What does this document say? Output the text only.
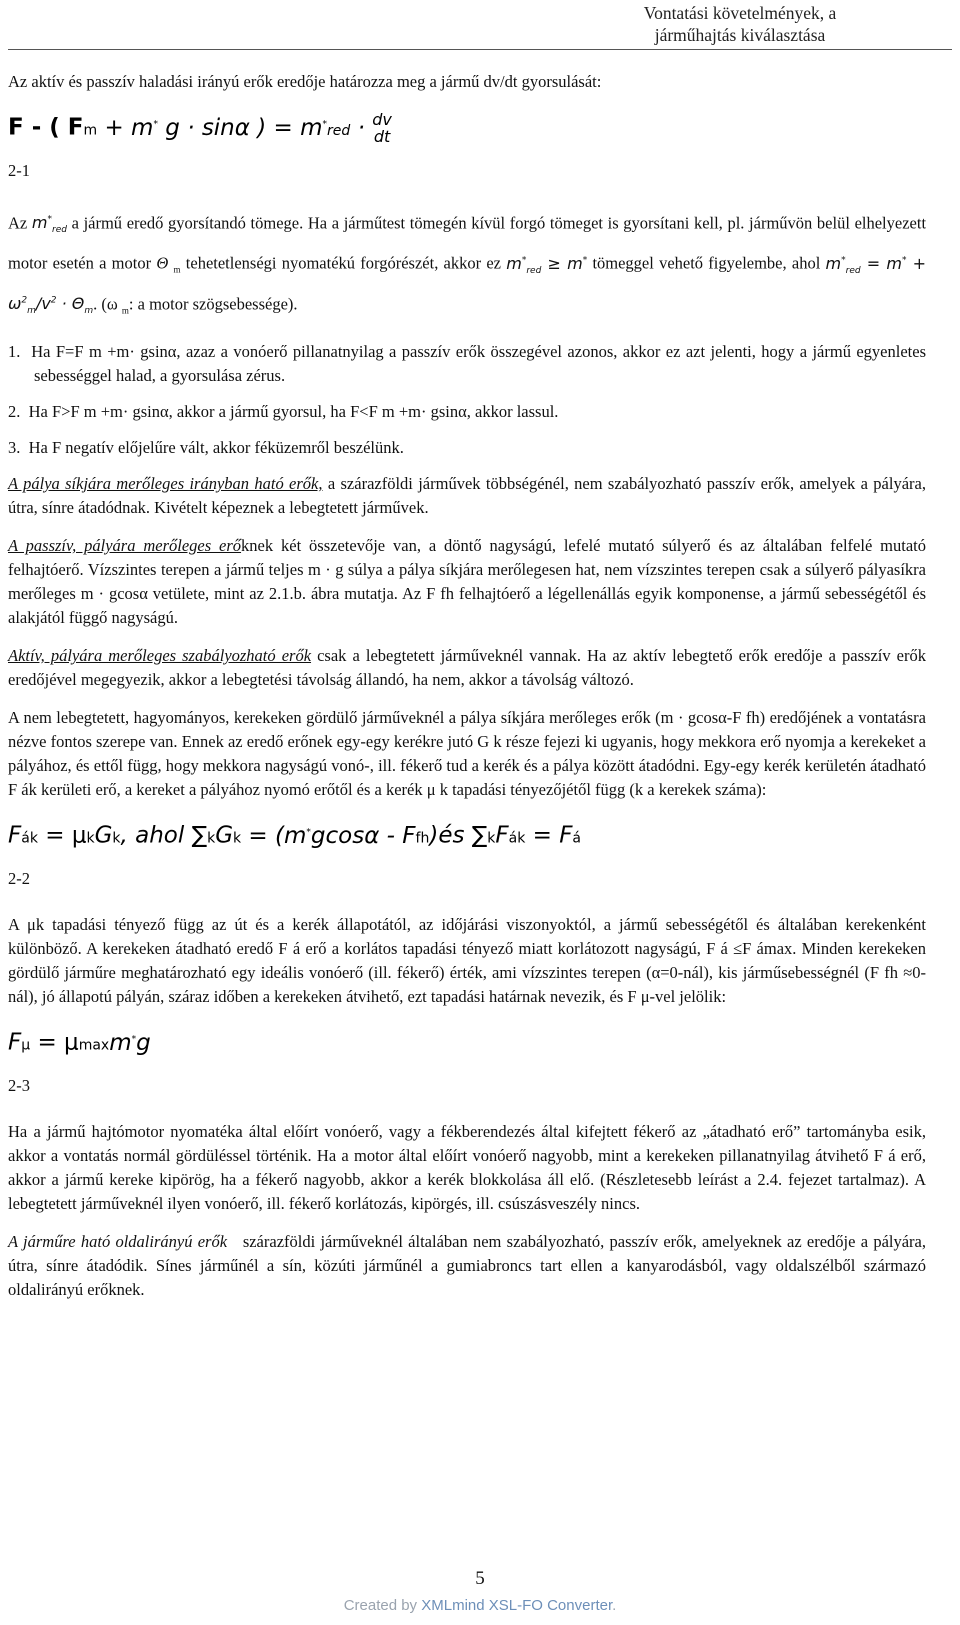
Vontatási követelmények, a
járműhajtás kiválasztása

Az aktív és passzív haladási irányú erők eredője határozza meg a jármű dv/dt gyorsulását:

F - ( Fm + m* g · sinα ) = m*red · dv
dt

2-1

Az $m^*_{red}$ a jármű eredő gyorsítandó tömege. Ha a járműtest tömegén kívül forgó tömeget is gyorsítani kell, pl. járművön belül elhelyezett motor esetén a motor Θ $_m$ tehetetlenségi nyomatékú forgórészét, akkor ez $m^*_{red} \ge m^*$ tömeggel vehető figyelembe, ahol $m^*_{red} = m^* + \omega^2_m/v^2 \cdot \Theta_m$. (ω $_m$: a motor szögsebessége).

1. Ha F=F m +m· gsinα, azaz a vonóerő pillanatnyilag a passzív erők összegével azonos, akkor ez azt jelenti, hogy a jármű egyenletes sebességgel halad, a gyorsulása zérus.

2. Ha F>F m +m· gsinα, akkor a jármű gyorsul, ha F<F m +m· gsinα, akkor lassul.

3. Ha F negatív előjelűre vált, akkor féküzemről beszélünk.

A pálya síkjára merőleges irányban ható erők, a szárazföldi járművek többségénél, nem szabályozható passzív erők, amelyek a pályára, útra, sínre átadódnak. Kivételt képeznek a lebegtetett járművek.

A passzív, pályára merőleges erőknek két összetevője van, a döntő nagyságú, lefelé mutató súlyerő és az általában felfelé mutató felhajtóerő. Vízszintes terepen a jármű teljes m · g súlya a pálya síkjára merőlegesen hat, nem vízszintes terepen csak a súlyerő pályasíkra merőleges m · gcosα vetülete, mint az 2.1.b. ábra mutatja. Az F fh felhajtóerő a légellenállás egyik komponense, a jármű sebességétől és alakjától függő nagyságú.

Aktív, pályára merőleges szabályozható erők csak a lebegtetett járműveknél vannak. Ha az aktív lebegtető erők eredője a passzív erők eredőjével megegyezik, akkor a lebegtetési távolság állandó, ha nem, akkor a távolság változó.

A nem lebegtetett, hagyományos, kerekeken gördülő járműveknél a pálya síkjára merőleges erők (m · gcosα-F fh) eredőjének a vontatásra nézve fontos szerepe van. Ennek az eredő erőnek egy-egy kerékre jutó G k része fejezi ki ugyanis, hogy mekkora erő nyomja a kerekeket a pályához, és ettől függ, hogy mekkora nagyságú vonó-, ill. fékerő tud a kerék és a pálya között átadódni. Egy-egy kerék kerületén átadható F ák kerületi erő, a kereket a pályához nyomó erőtől és a kerék μ k tapadási tényezőjétől függ (k a kerekek száma):

Fák = μkGk, ahol ∑kGk = (m*gcosα - Ffh)és ∑kFák = Fá

2-2

A μk tapadási tényező függ az út és a kerék állapotától, az időjárási viszonyoktól, a jármű sebességétől és általában kerekenként különböző. A kerekeken átadható eredő F á erő a korlátos tapadási tényező miatt korlátozott nagyságú, F á ≤F ámax. Minden kerekeken gördülő járműre meghatározható egy ideális vonóerő (ill. fékerő) érték, ami vízszintes terepen (α=0-nál), kis járműsebességnél (F fh ≈0-nál), jó állapotú pályán, száraz időben a kerekeken átvihető, ezt tapadási határnak nevezik, és F μ-vel jelölik:

Fμ = μmaxm*g

2-3

Ha a jármű hajtómotor nyomatéka által előírt vonóerő, vagy a fékberendezés által kifejtett fékerő az „átadható erő” tartományba esik, akkor a vontatás normál gördüléssel történik. Ha a motor által előírt vonóerő nagyobb, mint a kerekeken pillanatnyilag átvihető F á erő, akkor a jármű kereke kipörög, ha a fékerő nagyobb, akkor a kerék blokkolása áll elő. (Részletesebb leírást a 2.4. fejezet tartalmaz). A lebegtetett járműveknél ilyen vonóerő, ill. fékerő korlátozás, kipörgés, ill. csúszásveszély nincs.

A járműre ható oldalirányú erők   szárazföldi járműveknél általában nem szabályozható, passzív erők, amelyeknek az eredője a pályára, útra, sínre átadódik. Sínes járműnél a sín, közúti járműnél a gumiabroncs tart ellen a kanyarodásból, vagy oldalszélből származó oldalirányú erőknek.

5
Created by XMLmind XSL-FO Converter.
